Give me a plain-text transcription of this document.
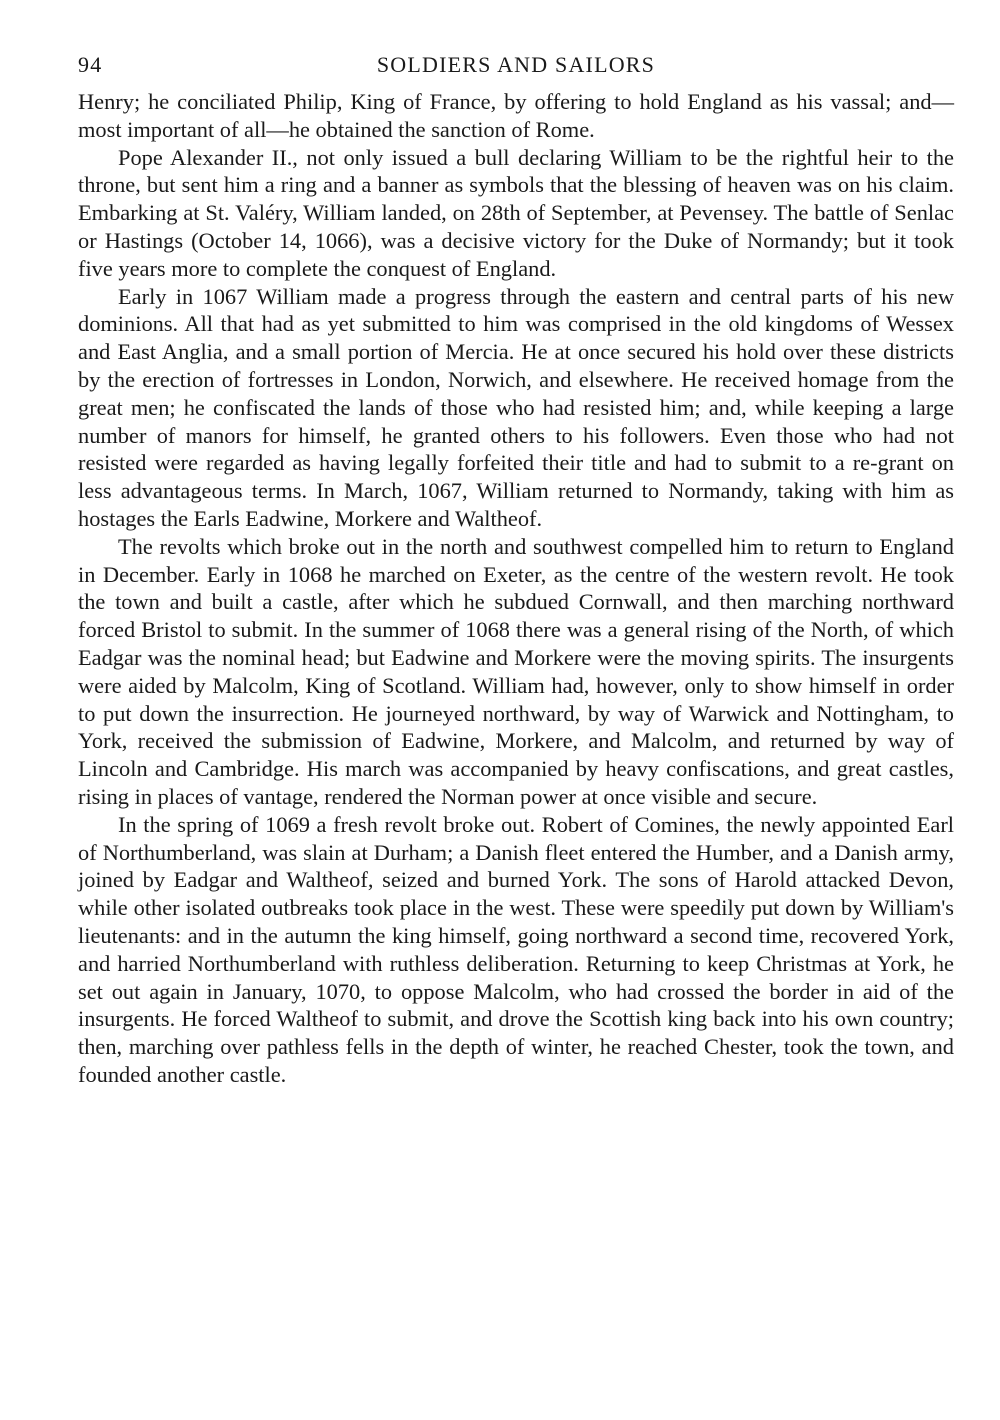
94	SOLDIERS AND SAILORS

Henry; he conciliated Philip, King of France, by offering to hold England as his vassal; and—most important of all—he obtained the sanction of Rome.

Pope Alexander II., not only issued a bull declaring William to be the rightful heir to the throne, but sent him a ring and a banner as symbols that the blessing of heaven was on his claim. Embarking at St. Valéry, William landed, on 28th of September, at Pevensey. The battle of Senlac or Hastings (October 14, 1066), was a decisive victory for the Duke of Normandy; but it took five years more to complete the conquest of England.

Early in 1067 William made a progress through the eastern and central parts of his new dominions. All that had as yet submitted to him was comprised in the old kingdoms of Wessex and East Anglia, and a small portion of Mercia. He at once secured his hold over these districts by the erection of fortresses in London, Norwich, and elsewhere. He received homage from the great men; he confiscated the lands of those who had resisted him; and, while keeping a large number of manors for himself, he granted others to his followers. Even those who had not resisted were regarded as having legally forfeited their title and had to submit to a re-grant on less advantageous terms. In March, 1067, William returned to Normandy, taking with him as hostages the Earls Eadwine, Morkere and Waltheof.

The revolts which broke out in the north and southwest compelled him to return to England in December. Early in 1068 he marched on Exeter, as the centre of the western revolt. He took the town and built a castle, after which he subdued Cornwall, and then marching northward forced Bristol to submit. In the summer of 1068 there was a general rising of the North, of which Eadgar was the nominal head; but Eadwine and Morkere were the moving spirits. The insurgents were aided by Malcolm, King of Scotland. William had, however, only to show himself in order to put down the insurrection. He journeyed northward, by way of Warwick and Nottingham, to York, received the submission of Eadwine, Morkere, and Malcolm, and returned by way of Lincoln and Cambridge. His march was accompanied by heavy confiscations, and great castles, rising in places of vantage, rendered the Norman power at once visible and secure.

In the spring of 1069 a fresh revolt broke out. Robert of Comines, the newly appointed Earl of Northumberland, was slain at Durham; a Danish fleet entered the Humber, and a Danish army, joined by Eadgar and Waltheof, seized and burned York. The sons of Harold attacked Devon, while other isolated outbreaks took place in the west. These were speedily put down by William's lieutenants: and in the autumn the king himself, going northward a second time, recovered York, and harried Northumberland with ruthless deliberation. Returning to keep Christmas at York, he set out again in January, 1070, to oppose Malcolm, who had crossed the border in aid of the insurgents. He forced Waltheof to submit, and drove the Scottish king back into his own country; then, marching over pathless fells in the depth of winter, he reached Chester, took the town, and founded another castle.
